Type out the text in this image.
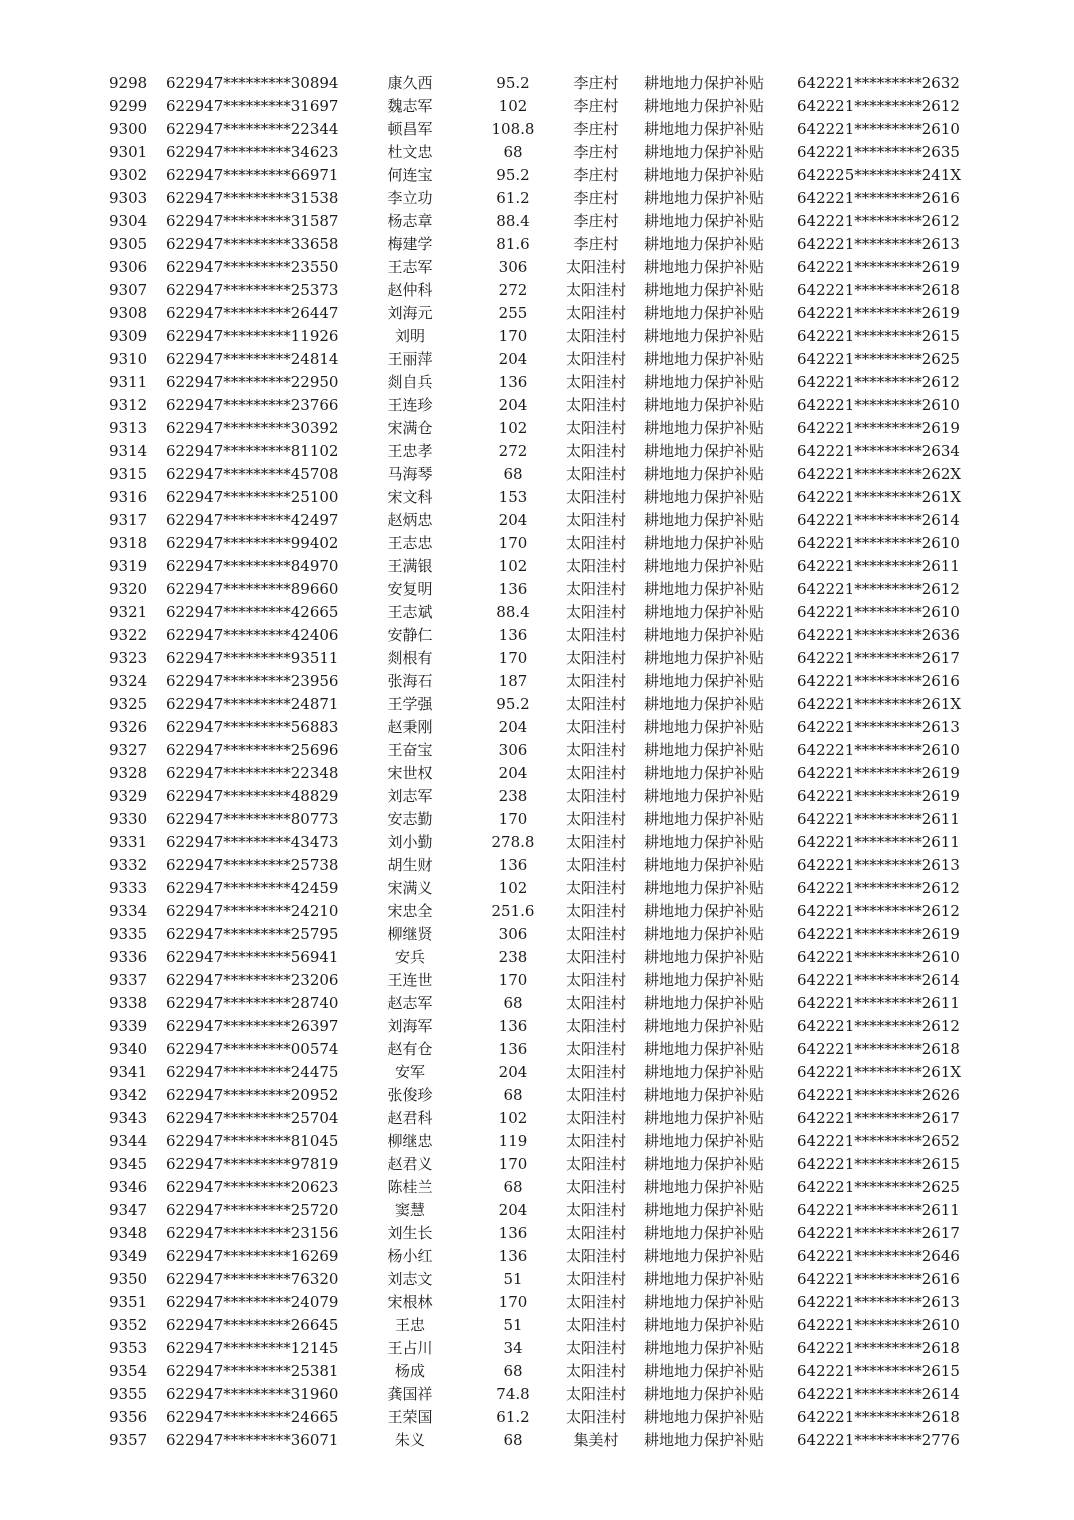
9298 622947*********30894	康久西	95.2	李庄村	耕地地力保护补贴	642221*********2632
9299 622947*********31697	魏志军	102	李庄村	耕地地力保护补贴	642221*********2612
9300 622947*********22344	顿昌军	108.8	李庄村	耕地地力保护补贴	642221*********2610
9301 622947*********34623	杜文忠	68	李庄村	耕地地力保护补贴	642221*********2635
9302 622947*********66971	何连宝	95.2	李庄村	耕地地力保护补贴	642225*********241X
9303 622947*********31538	李立功	61.2	李庄村	耕地地力保护补贴	642221*********2616
9304 622947*********31587	杨志章	88.4	李庄村	耕地地力保护补贴	642221*********2612
9305 622947*********33658	梅建学	81.6	李庄村	耕地地力保护补贴	642221*********2613
9306 622947*********23550	王志军	306	太阳洼村	耕地地力保护补贴	642221*********2619
9307 622947*********25373	赵仲科	272	太阳洼村	耕地地力保护补贴	642221*********2618
9308 622947*********26447	刘海元	255	太阳洼村	耕地地力保护补贴	642221*********2619
9309 622947*********11926	刘明	170	太阳洼村	耕地地力保护补贴	642221*********2615
9310 622947*********24814	王丽萍	204	太阳洼村	耕地地力保护补贴	642221*********2625
9311 622947*********22950	剡自兵	136	太阳洼村	耕地地力保护补贴	642221*********2612
9312 622947*********23766	王连珍	204	太阳洼村	耕地地力保护补贴	642221*********2610
9313 622947*********30392	宋满仓	102	太阳洼村	耕地地力保护补贴	642221*********2619
9314 622947*********81102	王忠孝	272	太阳洼村	耕地地力保护补贴	642221*********2634
9315 622947*********45708	马海琴	68	太阳洼村	耕地地力保护补贴	642221*********262X
9316 622947*********25100	宋文科	153	太阳洼村	耕地地力保护补贴	642221*********261X
9317 622947*********42497	赵炳忠	204	太阳洼村	耕地地力保护补贴	642221*********2614
9318 622947*********99402	王志忠	170	太阳洼村	耕地地力保护补贴	642221*********2610
9319 622947*********84970	王满银	102	太阳洼村	耕地地力保护补贴	642221*********2611
9320 622947*********89660	安复明	136	太阳洼村	耕地地力保护补贴	642221*********2612
9321 622947*********42665	王志斌	88.4	太阳洼村	耕地地力保护补贴	642221*********2610
9322 622947*********42406	安静仁	136	太阳洼村	耕地地力保护补贴	642221*********2636
9323 622947*********93511	剡根有	170	太阳洼村	耕地地力保护补贴	642221*********2617
9324 622947*********23956	张海石	187	太阳洼村	耕地地力保护补贴	642221*********2616
9325 622947*********24871	王学强	95.2	太阳洼村	耕地地力保护补贴	642221*********261X
9326 622947*********56883	赵秉刚	204	太阳洼村	耕地地力保护补贴	642221*********2613
9327 622947*********25696	王奋宝	306	太阳洼村	耕地地力保护补贴	642221*********2610
9328 622947*********22348	宋世权	204	太阳洼村	耕地地力保护补贴	642221*********2619
9329 622947*********48829	刘志军	238	太阳洼村	耕地地力保护补贴	642221*********2619
9330 622947*********80773	安志勤	170	太阳洼村	耕地地力保护补贴	642221*********2611
9331 622947*********43473	刘小勤	278.8	太阳洼村	耕地地力保护补贴	642221*********2611
9332 622947*********25738	胡生财	136	太阳洼村	耕地地力保护补贴	642221*********2613
9333 622947*********42459	宋满义	102	太阳洼村	耕地地力保护补贴	642221*********2612
9334 622947*********24210	宋忠全	251.6	太阳洼村	耕地地力保护补贴	642221*********2612
9335 622947*********25795	柳继贤	306	太阳洼村	耕地地力保护补贴	642221*********2619
9336 622947*********56941	安兵	238	太阳洼村	耕地地力保护补贴	642221*********2610
9337 622947*********23206	王连世	170	太阳洼村	耕地地力保护补贴	642221*********2614
9338 622947*********28740	赵志军	68	太阳洼村	耕地地力保护补贴	642221*********2611
9339 622947*********26397	刘海军	136	太阳洼村	耕地地力保护补贴	642221*********2612
9340 622947*********00574	赵有仓	136	太阳洼村	耕地地力保护补贴	642221*********2618
9341 622947*********24475	安军	204	太阳洼村	耕地地力保护补贴	642221*********261X
9342 622947*********20952	张俊珍	68	太阳洼村	耕地地力保护补贴	642221*********2626
9343 622947*********25704	赵君科	102	太阳洼村	耕地地力保护补贴	642221*********2617
9344 622947*********81045	柳继忠	119	太阳洼村	耕地地力保护补贴	642221*********2652
9345 622947*********97819	赵君义	170	太阳洼村	耕地地力保护补贴	642221*********2615
9346 622947*********20623	陈桂兰	68	太阳洼村	耕地地力保护补贴	642221*********2625
9347 622947*********25720	窦慧	204	太阳洼村	耕地地力保护补贴	642221*********2611
9348 622947*********23156	刘生长	136	太阳洼村	耕地地力保护补贴	642221*********2617
9349 622947*********16269	杨小红	136	太阳洼村	耕地地力保护补贴	642221*********2646
9350 622947*********76320	刘志文	51	太阳洼村	耕地地力保护补贴	642221*********2616
9351 622947*********24079	宋根林	170	太阳洼村	耕地地力保护补贴	642221*********2613
9352 622947*********26645	王忠	51	太阳洼村	耕地地力保护补贴	642221*********2610
9353 622947*********12145	王占川	34	太阳洼村	耕地地力保护补贴	642221*********2618
9354 622947*********25381	杨成	68	太阳洼村	耕地地力保护补贴	642221*********2615
9355 622947*********31960	龚国祥	74.8	太阳洼村	耕地地力保护补贴	642221*********2614
9356 622947*********24665	王荣国	61.2	太阳洼村	耕地地力保护补贴	642221*********2618
9357 622947*********36071	朱义	68	集美村	耕地地力保护补贴	642221*********2776
